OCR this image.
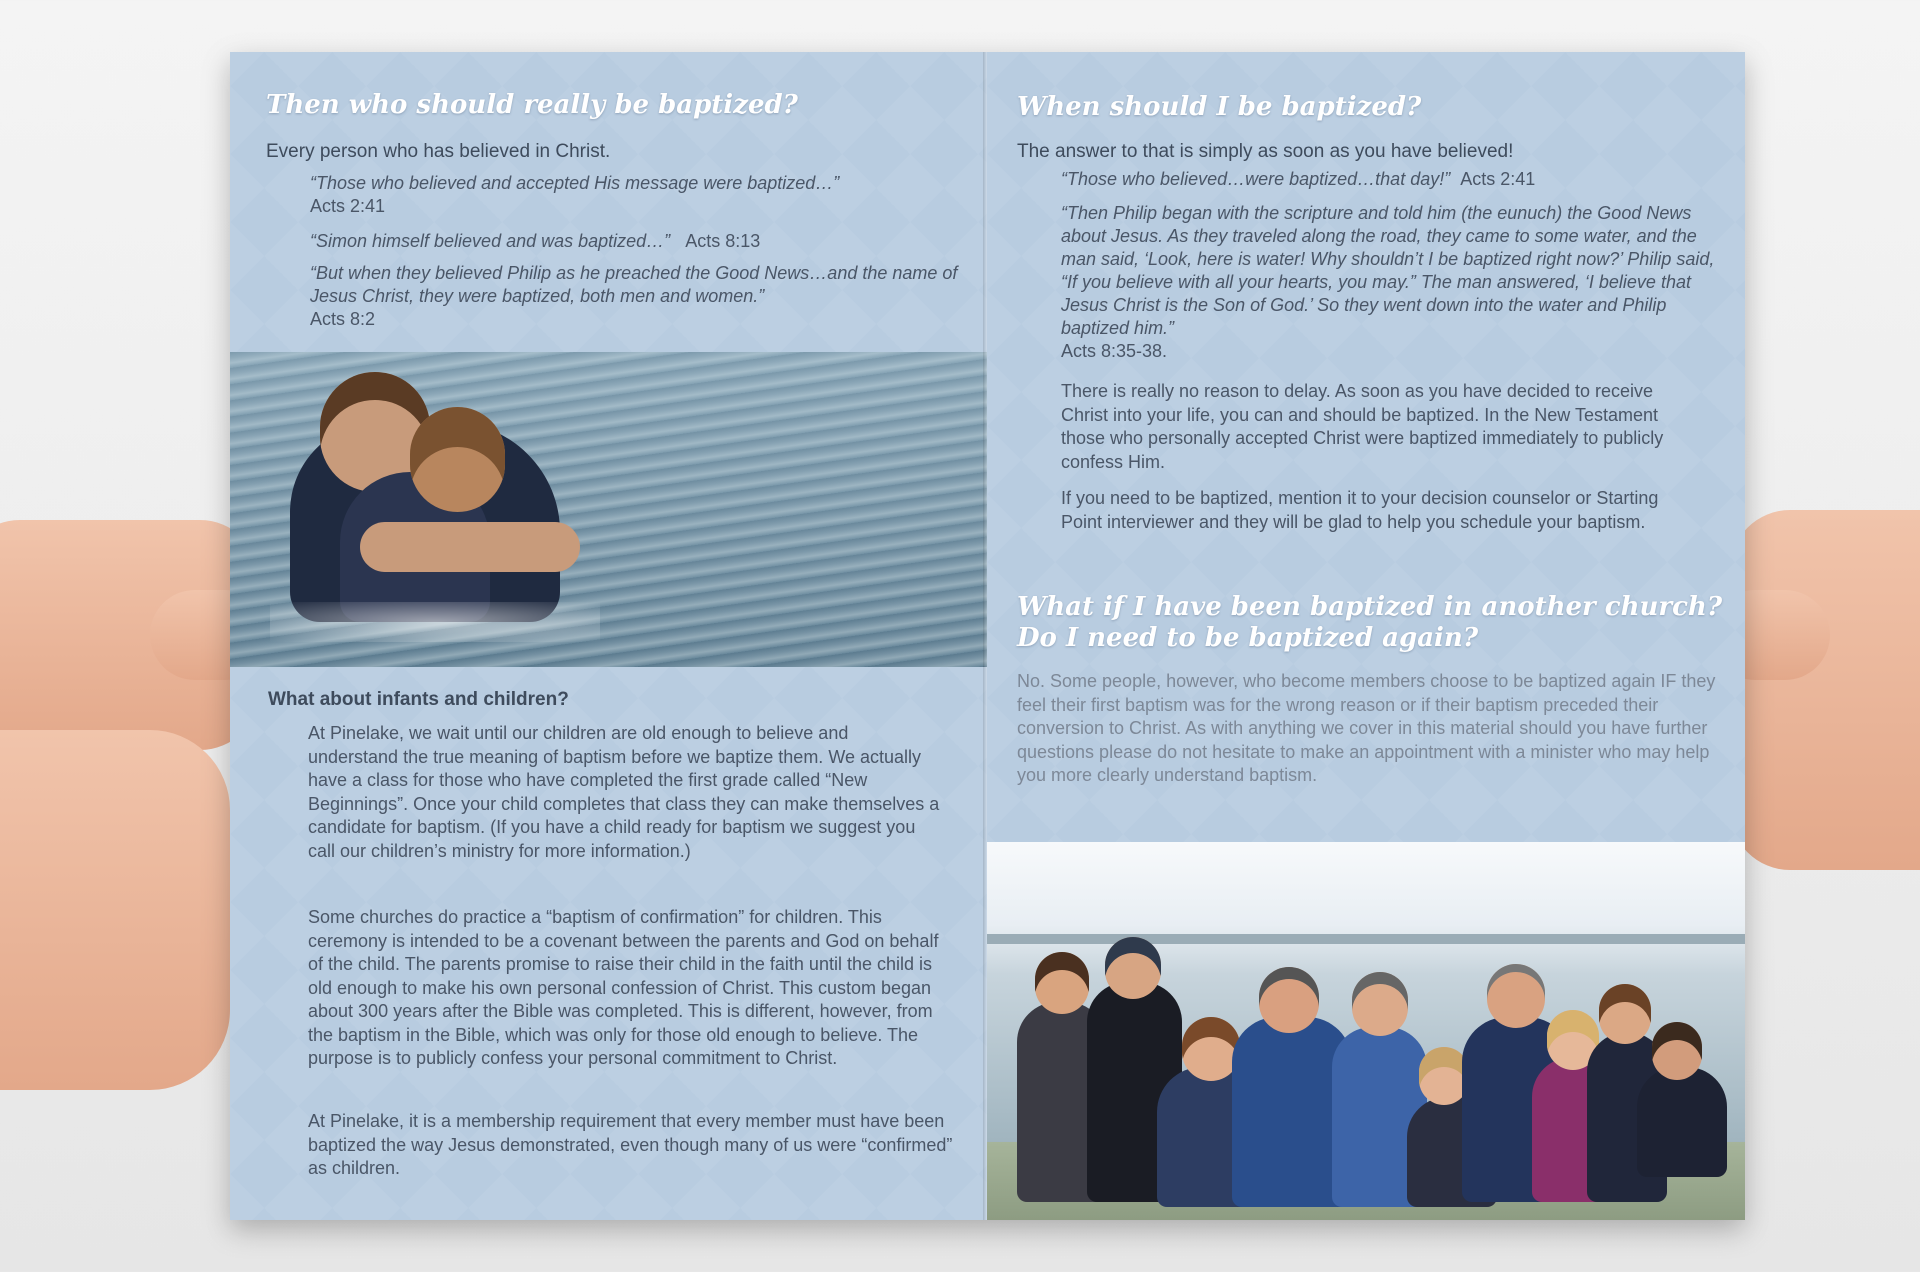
Then who should really be baptized?

Every person who has believed in Christ.

“Those who believed and accepted His message were baptized…”
Acts 2:41

“Simon himself believed and was baptized…” Acts 8:13

“But when they believed Philip as he preached the Good News…and the name of Jesus Christ, they were baptized, both men and women.”
Acts 8:2

What about infants and children?

At Pinelake, we wait until our children are old enough to believe and understand the true meaning of baptism before we baptize them. We actually have a class for those who have completed the first grade called “New Beginnings”. Once your child completes that class they can make themselves a candidate for baptism. (If you have a child ready for baptism we suggest you call our children’s ministry for more information.)

Some churches do practice a “baptism of confirmation” for children. This ceremony is intended to be a covenant between the parents and God on behalf of the child. The parents promise to raise their child in the faith until the child is old enough to make his own personal confession of Christ. This custom began about 300 years after the Bible was completed. This is different, however, from the baptism in the Bible, which was only for those old enough to believe. The purpose is to publicly confess your personal commitment to Christ.

At Pinelake, it is a membership requirement that every member must have been baptized the way Jesus demonstrated, even though many of us were “confirmed” as children.

When should I be baptized?

The answer to that is simply as soon as you have believed!

“Those who believed…were baptized…that day!” Acts 2:41

“Then Philip began with the scripture and told him (the eunuch) the Good News about Jesus. As they traveled along the road, they came to some water, and the man said, ‘Look, here is water! Why shouldn’t I be baptized right now?’ Philip said, “If you believe with all your hearts, you may.” The man answered, ‘I believe that Jesus Christ is the Son of God.’ So they went down into the water and Philip baptized him.”
Acts 8:35-38.

There is really no reason to delay. As soon as you have decided to receive Christ into your life, you can and should be baptized. In the New Testament those who personally accepted Christ were baptized immediately to publicly confess Him.

If you need to be baptized, mention it to your decision counselor or Starting Point interviewer and they will be glad to help you schedule your baptism.

What if I have been baptized in another church?
Do I need to be baptized again?

No. Some people, however, who become members choose to be baptized again IF they feel their first baptism was for the wrong reason or if their baptism preceded their conversion to Christ. As with anything we cover in this material should you have further questions please do not hesitate to make an appointment with a minister who may help you more clearly understand baptism.
